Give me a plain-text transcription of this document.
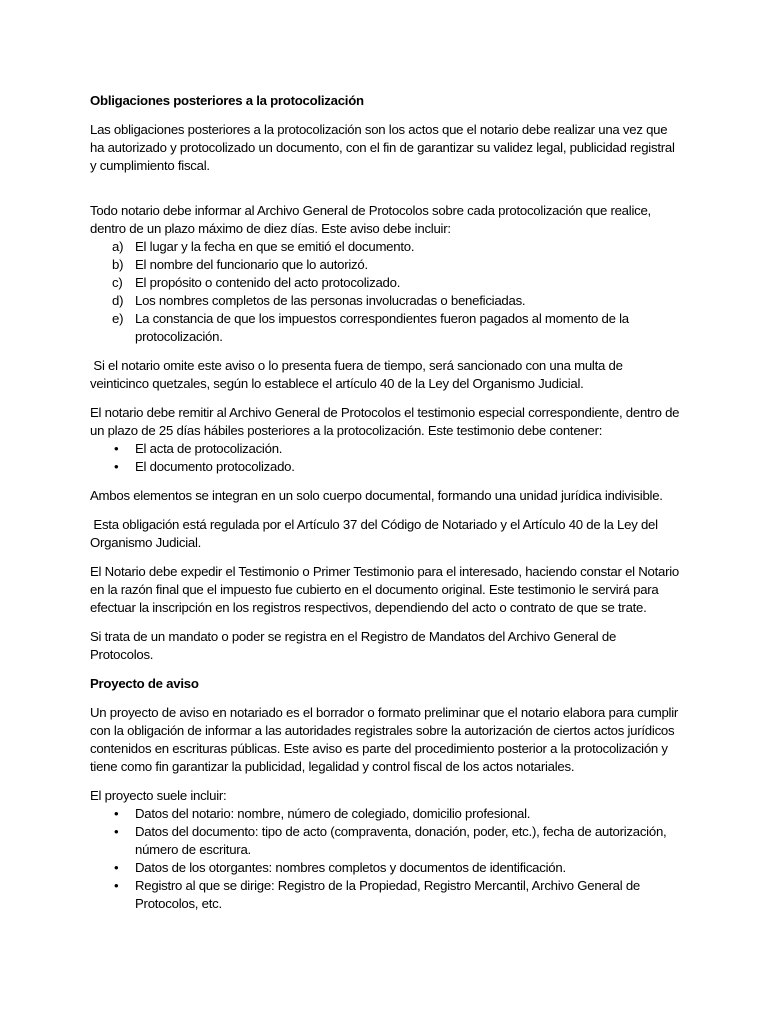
Obligaciones posteriores a la protocolización

Las obligaciones posteriores a la protocolización son los actos que el notario debe realizar una vez que ha autorizado y protocolizado un documento, con el fin de garantizar su validez legal, publicidad registral y cumplimiento fiscal.

Todo notario debe informar al Archivo General de Protocolos sobre cada protocolización que realice, dentro de un plazo máximo de diez días. Este aviso debe incluir:

a) El lugar y la fecha en que se emitió el documento.
b) El nombre del funcionario que lo autorizó.
c) El propósito o contenido del acto protocolizado.
d) Los nombres completos de las personas involucradas o beneficiadas.
e) La constancia de que los impuestos correspondientes fueron pagados al momento de la protocolización.

Si el notario omite este aviso o lo presenta fuera de tiempo, será sancionado con una multa de veinticinco quetzales, según lo establece el artículo 40 de la Ley del Organismo Judicial.

El notario debe remitir al Archivo General de Protocolos el testimonio especial correspondiente, dentro de un plazo de 25 días hábiles posteriores a la protocolización. Este testimonio debe contener:

• El acta de protocolización.
• El documento protocolizado.

Ambos elementos se integran en un solo cuerpo documental, formando una unidad jurídica indivisible.

Esta obligación está regulada por el Artículo 37 del Código de Notariado y el Artículo 40 de la Ley del Organismo Judicial.

El Notario debe expedir el Testimonio o Primer Testimonio para el interesado, haciendo constar el Notario en la razón final que el impuesto fue cubierto en el documento original. Este testimonio le servirá para efectuar la inscripción en los registros respectivos, dependiendo del acto o contrato de que se trate.

Si trata de un mandato o poder se registra en el Registro de Mandatos del Archivo General de Protocolos.

Proyecto de aviso

Un proyecto de aviso en notariado es el borrador o formato preliminar que el notario elabora para cumplir con la obligación de informar a las autoridades registrales sobre la autorización de ciertos actos jurídicos contenidos en escrituras públicas. Este aviso es parte del procedimiento posterior a la protocolización y tiene como fin garantizar la publicidad, legalidad y control fiscal de los actos notariales.

El proyecto suele incluir:

• Datos del notario: nombre, número de colegiado, domicilio profesional.
• Datos del documento: tipo de acto (compraventa, donación, poder, etc.), fecha de autorización, número de escritura.
• Datos de los otorgantes: nombres completos y documentos de identificación.
• Registro al que se dirige: Registro de la Propiedad, Registro Mercantil, Archivo General de Protocolos, etc.
